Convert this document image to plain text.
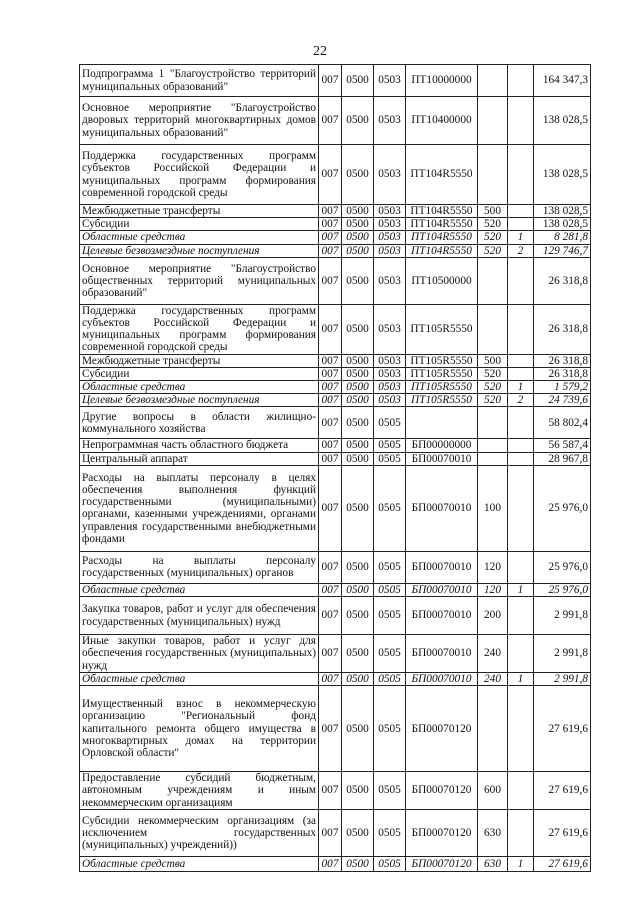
22
Подпрограмма 1 "Благоустройство территорий муниципальных образований"	007	0500	0503	ПТ10000000			164 347,3
Основное мероприятие "Благоустройство дворовых территорий многоквартирных домов муниципальных образований"	007	0500	0503	ПТ10400000			138 028,5
Поддержка государственных программ субъектов Российской Федерации и муниципальных программ формирования современной городской среды	007	0500	0503	ПТ104R5550			138 028,5
Межбюджетные трансферты	007	0500	0503	ПТ104R5550	500		138 028,5
Субсидии	007	0500	0503	ПТ104R5550	520		138 028,5
Областные средства	007	0500	0503	ПТ104R5550	520	1	8 281,8
Целевые безвозмездные поступления	007	0500	0503	ПТ104R5550	520	2	129 746,7
Основное мероприятие "Благоустройство общественных территорий муниципальных образований"	007	0500	0503	ПТ10500000			26 318,8
Поддержка государственных программ субъектов Российской Федерации и муниципальных программ формирования современной городской среды	007	0500	0503	ПТ105R5550			26 318,8
Межбюджетные трансферты	007	0500	0503	ПТ105R5550	500		26 318,8
Субсидии	007	0500	0503	ПТ105R5550	520		26 318,8
Областные средства	007	0500	0503	ПТ105R5550	520	1	1 579,2
Целевые безвозмездные поступления	007	0500	0503	ПТ105R5550	520	2	24 739,6
Другие вопросы в области жилищно-коммунального хозяйства	007	0500	0505				58 802,4
Непрограммная часть областного бюджета	007	0500	0505	БП00000000			56 587,4
Центральный аппарат	007	0500	0505	БП00070010			28 967,8
Расходы на выплаты персоналу в целях обеспечения выполнения функций государственными (муниципальными) органами, казенными учреждениями, органами управления государственными внебюджетными фондами	007	0500	0505	БП00070010	100		25 976,0
Расходы на выплаты персоналу государственных (муниципальных) органов	007	0500	0505	БП00070010	120		25 976,0
Областные средства	007	0500	0505	БП00070010	120	1	25 976,0
Закупка товаров, работ и услуг для обеспечения государственных (муниципальных) нужд	007	0500	0505	БП00070010	200		2 991,8
Иные закупки товаров, работ и услуг для обеспечения государственных (муниципальных) нужд	007	0500	0505	БП00070010	240		2 991,8
Областные средства	007	0500	0505	БП00070010	240	1	2 991,8
Имущественный взнос в некоммерческую организацию "Региональный фонд капитального ремонта общего имущества в многоквартирных домах на территории Орловской области"	007	0500	0505	БП00070120			27 619,6
Предоставление субсидий бюджетным, автономным учреждениям и иным некоммерческим организациям	007	0500	0505	БП00070120	600		27 619,6
Субсидии некоммерческим организациям (за исключением государственных (муниципальных) учреждений))	007	0500	0505	БП00070120	630		27 619,6
Областные средства	007	0500	0505	БП00070120	630	1	27 619,6
